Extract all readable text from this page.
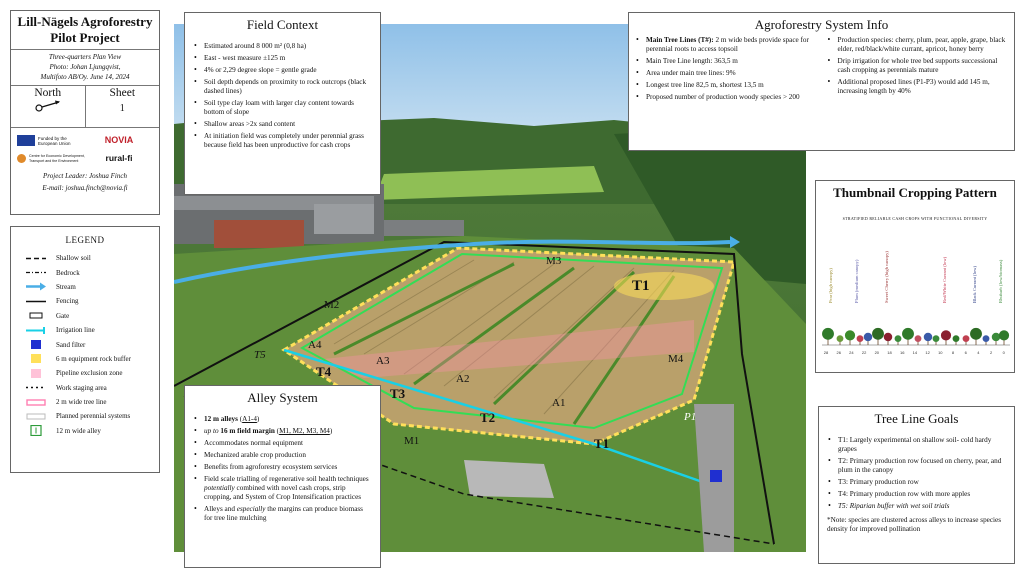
M3
M2
M4
M1
A1
A2
A3
A4
T1
T2
T3
T4
T5
T1
P1
Lill-Nägels Agroforestry
Pilot Project
Three-quarters Plan View
Photo: Johan Ljungqvist,
Multifoto AB/Oy. June 14, 2024
North	Sheet
1
Funded by the European Union	NOVIA
Centre for Economic Development, Transport and the Environment	rural-fi
Project Leader: Joshua Finch
E-mail: joshua.finch@novia.fi
LEGEND
Shallow soil
Bedrock
Stream
Fencing
Gate
Irrigation line
Sand filter
6 m equipment rock buffer
Pipeline exclusion zone
Work staging area
2 m wide tree line
Planned perennial systems
12 m wide alley
Field Context
• Estimated around 8 000 m² (0,8 ha)
• East - west measure ±125 m
• 4% or 2,29 degree slope = gentle grade
• Soil depth depends on proximity to rock outcrops (black dashed lines)
• Soil type clay loam with larger clay content towards bottom of slope
• Shallow areas >2x sand content
• At initiation field was completely under perennial grass because field has been unproductive for cash crops
Agroforestry System Info
• Main Tree Lines (T#): 2 m wide beds provide space for perennial roots to access topsoil
• Main Tree Line length: 363,5 m
• Area under main tree lines: 9%
• Longest tree line 82,5 m, shortest 13,5 m
• Proposed number of production woody species > 200
• Production species: cherry, plum, pear, apple, grape, black elder, red/black/white currant, apricot, honey berry
• Drip irrigation for whole tree bed supports successional cash cropping as perennials mature
• Additional proposed lines (P1-P3) would add 145 m, increasing length by 40%
Thumbnail Cropping Pattern
STRATIFIED RELIABLE CASH CROPS WITH FUNCTIONAL DIVERSITY
Pear (high canopy)	Plum (medium canopy)	Sweet Cherry (high canopy)	Red/White Currant (low)	Black Currant (low)	Rhubarb (low/biomass)
28 26 24 22 20 18 16 14 12 10 8	6	4	2	0
Alley System
• 12 m alleys (A1-4)
• up to 16 m field margin (M1, M2, M3, M4)
• Accommodates normal equipment
• Mechanized arable crop production
• Benefits from agroforestry ecosystem services
• Field scale trialling of regenerative soil health techniques potentially combined with novel cash crops, strip cropping, and System of Crop Intensification practices
• Alleys and especially the margins can produce biomass for tree line mulching
Tree Line Goals
• T1: Largely experimental on shallow soil- cold hardy grapes
• T2: Primary production row focused on cherry, pear, and plum in the canopy
• T3: Primary production row
• T4: Primary production row with more apples
• T5: Riparian buffer with wet soil trials
*Note: species are clustered across alleys to increase species density for improved pollination
